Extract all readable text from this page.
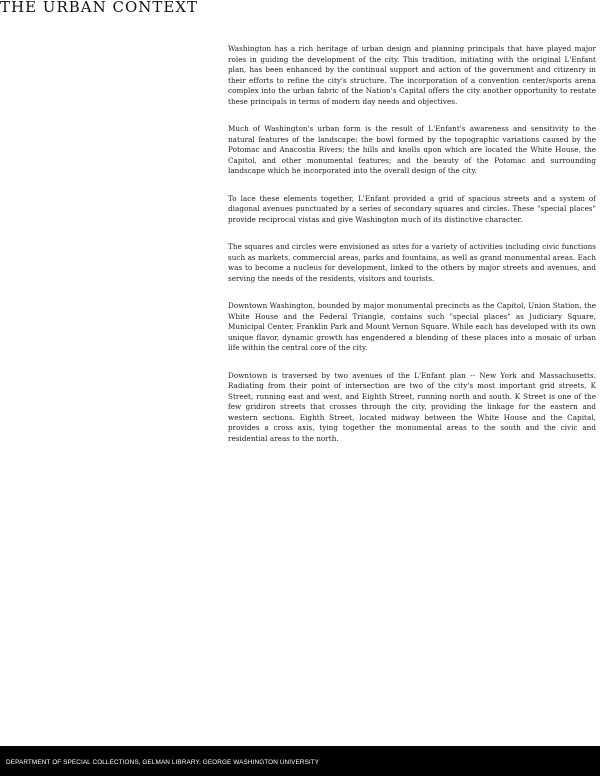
THE URBAN CONTEXT

Washington has a rich heritage of urban design and planning principals that have played major roles in guiding the development of the city. This tradition, initiating with the original L'Enfant plan, has been enhanced by the continual support and action of the government and citizenry in their efforts to refine the city's structure. The incorporation of a convention center/sports arena complex into the urban fabric of the Nation's Capital offers the city another opportunity to restate these principals in terms of modern day needs and objectives.

Much of Washington's urban form is the result of L'Enfant's awareness and sensitivity to the natural features of the landscape: the bowl formed by the topographic variations caused by the Potomac and Anacostia Rivers; the hills and knolls upon which are located the White House, the Capitol, and other monumental features; and the beauty of the Potomac and surrounding landscape which he incorporated into the overall design of the city.

To lace these elements together, L'Enfant provided a grid of spacious streets and a system of diagonal avenues punctuated by a series of secondary squares and circles. These "special places" provide reciprocal vistas and give Washington much of its distinctive character.

The squares and circles were envisioned as sites for a variety of activities including civic functions such as markets, commercial areas, parks and fountains, as well as grand monumental areas. Each was to become a nucleus for development, linked to the others by major streets and avenues, and serving the needs of the residents, visitors and tourists.

Downtown Washington, bounded by major monumental precincts as the Capitol, Union Station, the White House and the Federal Triangle, contains such "special places" as Judiciary Square, Municipal Center, Franklin Park and Mount Vernon Square. While each has developed with its own unique flavor, dynamic growth has engendered a blending of these places into a mosaic of urban life within the central core of the city.

Downtown is traversed by two avenues of the L'Enfant plan -- New York and Massachusetts. Radiating from their point of intersection are two of the city's most important grid streets, K Street, running east and west, and Eighth Street, running north and south. K Street is one of the few gridiron streets that crosses through the city, providing the linkage for the eastern and western sections. Eighth Street, located midway between the White House and the Capital, provides a cross axis, tying together the monumental areas to the south and the civic and residential areas to the north.

DEPARTMENT OF SPECIAL COLLECTIONS, GELMAN LIBRARY, GEORGE WASHINGTON UNIVERSITY
